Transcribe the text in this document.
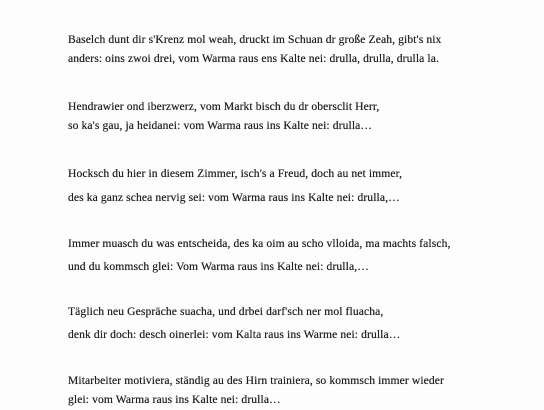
Baselch dunt dir s'Krenz mol weah, druckt im Schuan dr große Zeah, gibt's nix

anders: oins zwoi drei, vom Warma raus ens Kalte nei: drulla, drulla, drulla la.

Hendrawier ond iberzwerz, vom Markt bisch du dr obersclit Herr,

so ka's gau, ja heidanei: vom Warma raus ins Kalte nei: drulla…

Hocksch du hier in diesem Zimmer, isch's a Freud, doch au net immer,

des ka ganz schea nervig sei: vom Warma raus ins Kalte nei: drulla,…

Immer muasch du was entscheida, des ka oim au scho vlloida, ma machts falsch,

und du kommsch glei: Vom Warma raus ins Kalte nei: drulla,…

Täglich neu Gespräche suacha, und drbei darf'sch ner mol fluacha,

denk dir doch: desch oinerlei: vom Kalta raus ins Warme nei: drulla…

Mitarbeiter motiviera, ständig au des Hirn trainiera, so kommsch immer wieder

glei: vom Warma raus ins Kalte nei: drulla…
